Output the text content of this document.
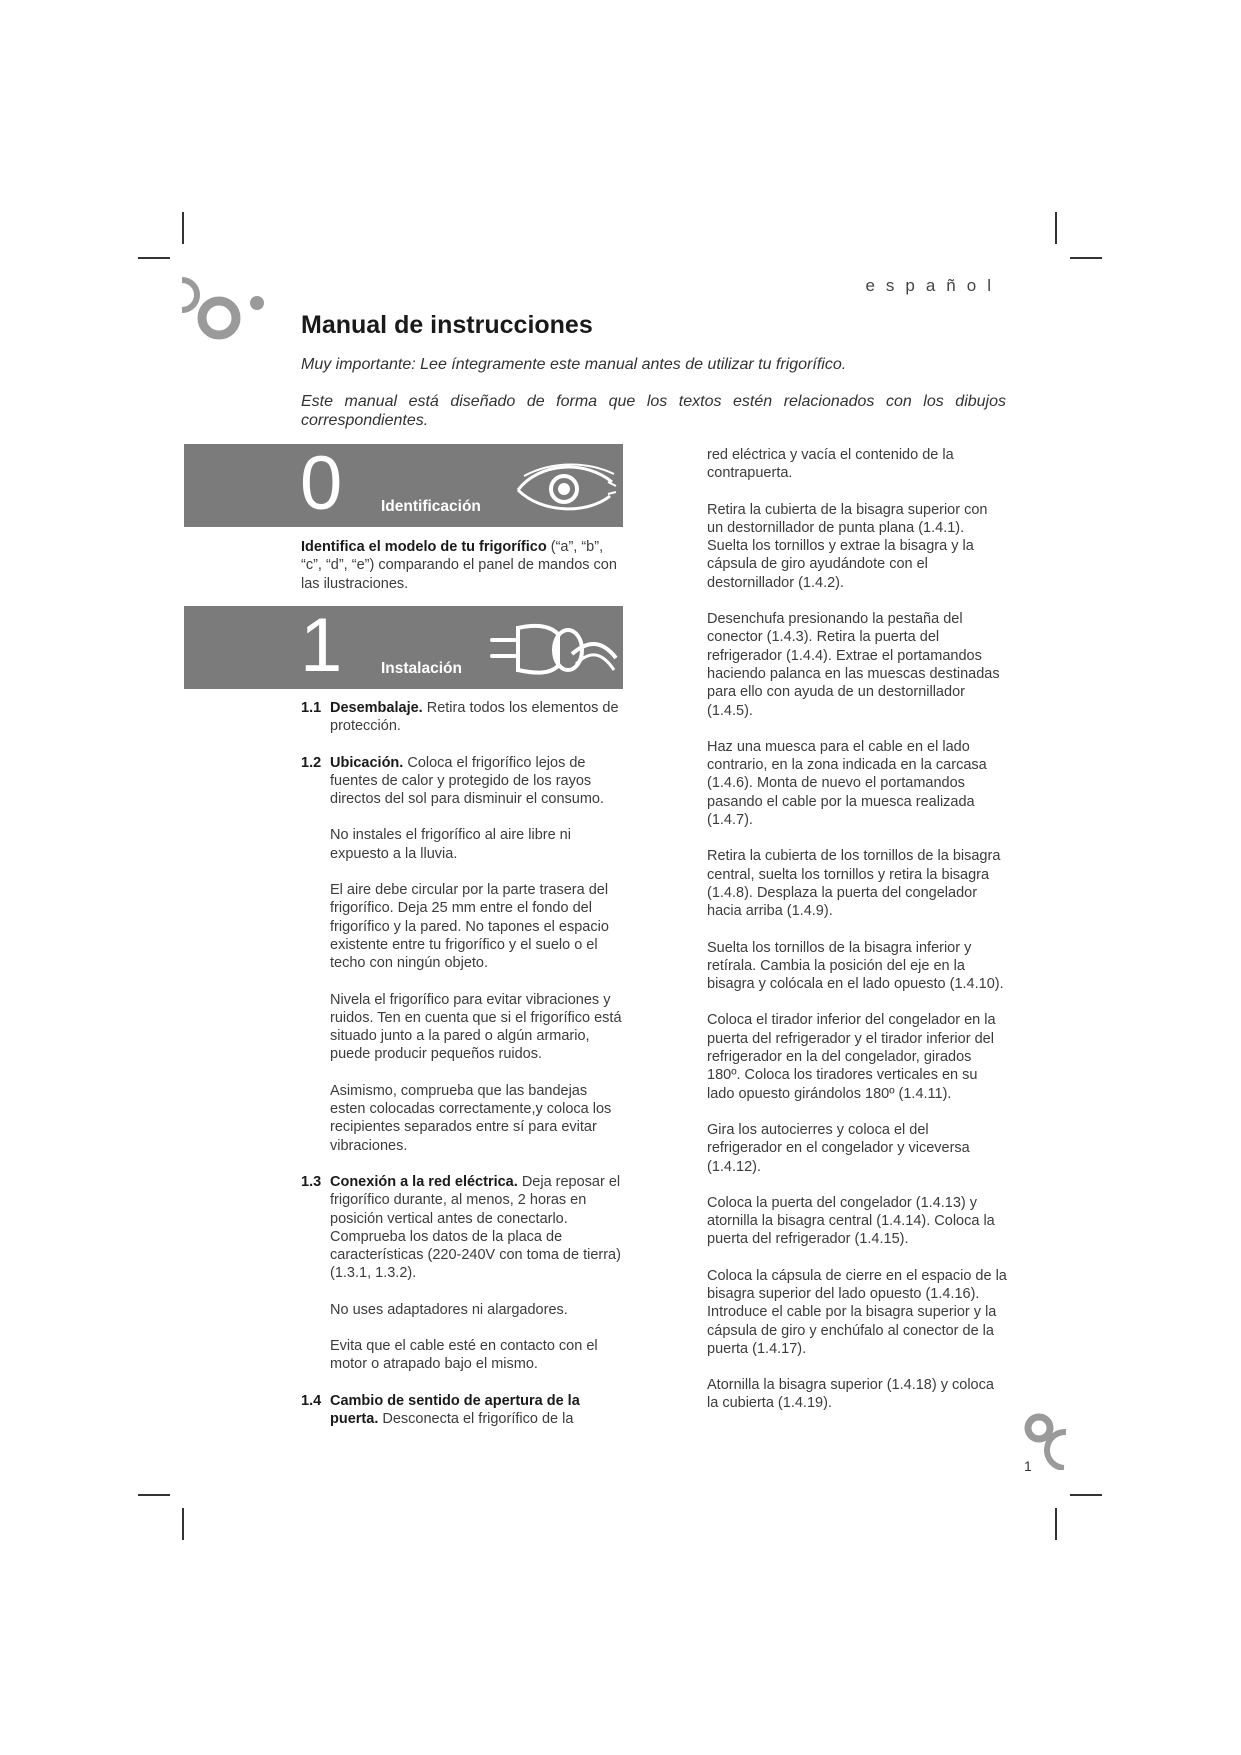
español
Manual de instrucciones
Muy importante: Lee íntegramente este manual antes de utilizar tu frigorífico.
Este manual está diseñado de forma que los textos estén relacionados con los dibujos correspondientes.
0 Identificación

Identifica el modelo de tu frigorífico (“a”, “b”, “c”, “d”, “e”) comparando el panel de mandos con las ilustraciones.

1 Instalación
1.1 Desembalaje. Retira todos los elementos de protección.

1.2 Ubicación. Coloca el frigorífico lejos de fuentes de calor y protegido de los rayos directos del sol para disminuir el consumo.

No instales el frigorífico al aire libre ni expuesto a la lluvia.

El aire debe circular por la parte trasera del frigorífico. Deja 25 mm entre el fondo del frigorífico y la pared. No tapones el espacio existente entre tu frigorífico y el suelo o el techo con ningún objeto.

Nivela el frigorífico para evitar vibraciones y ruidos. Ten en cuenta que si el frigorífico está situado junto a la pared o algún armario, puede producir pequeños ruidos.

Asimismo, comprueba que las bandejas esten colocadas correctamente,y coloca los recipientes separados entre sí para evitar vibraciones.

1.3 Conexión a la red eléctrica. Deja reposar el frigorífico durante, al menos, 2 horas en posición vertical antes de conectarlo. Comprueba los datos de la placa de características (220-240V con toma de tierra) (1.3.1, 1.3.2).

No uses adaptadores ni alargadores.

Evita que el cable esté en contacto con el motor o atrapado bajo el mismo.

1.4 Cambio de sentido de apertura de la puerta. Desconecta el frigorífico de la

red eléctrica y vacía el contenido de la contrapuerta.

Retira la cubierta de la bisagra superior con un destornillador de punta plana (1.4.1). Suelta los tornillos y extrae la bisagra y la cápsula de giro ayudándote con el destornillador (1.4.2).

Desenchufa presionando la pestaña del conector (1.4.3). Retira la puerta del refrigerador (1.4.4). Extrae el portamandos haciendo palanca en las muescas destinadas para ello con ayuda de un destornillador (1.4.5).

Haz una muesca para el cable en el lado contrario, en la zona indicada en la carcasa (1.4.6). Monta de nuevo el portamandos pasando el cable por la muesca realizada (1.4.7).

Retira la cubierta de los tornillos de la bisagra central, suelta los tornillos y retira la bisagra (1.4.8). Desplaza la puerta del congelador hacia arriba (1.4.9).

Suelta los tornillos de la bisagra inferior y retírala. Cambia la posición del eje en la bisagra y colócala en el lado opuesto (1.4.10).

Coloca el tirador inferior del congelador en la puerta del refrigerador y el tirador inferior del refrigerador en la del congelador, girados 180º. Coloca los tiradores verticales en su lado opuesto girándolos 180º (1.4.11).

Gira los autocierres y coloca el del refrigerador en el congelador y viceversa (1.4.12).

Coloca la puerta del congelador (1.4.13) y atornilla la bisagra central (1.4.14). Coloca la puerta del refrigerador (1.4.15).

Coloca la cápsula de cierre en el espacio de la bisagra superior del lado opuesto (1.4.16). Introduce el cable por la bisagra superior y la cápsula de giro y enchúfalo al conector de la puerta (1.4.17).

Atornilla la bisagra superior (1.4.18) y coloca la cubierta (1.4.19).

1
